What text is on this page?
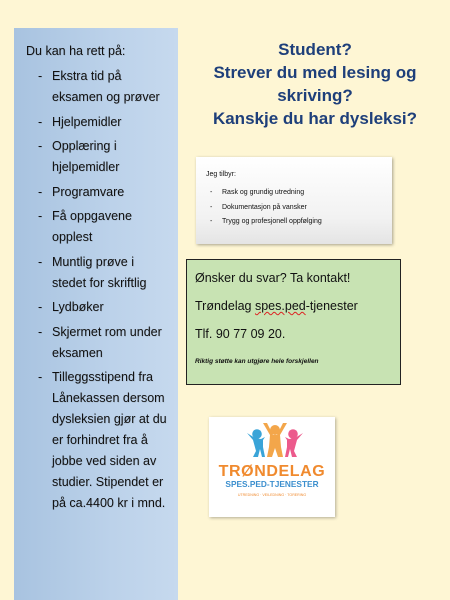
Du kan ha rett på:
- Ekstra tid på eksamen og prøver
- Hjelpemidler
- Opplæring i hjelpemidler
- Programvare
- Få oppgavene opplest
- Muntlig prøve i stedet for skriftlig
- Lydbøker
- Skjermet rom under eksamen
- Tilleggsstipend fra Lånekassen dersom dysleksien gjør at du er forhindret fra å jobbe ved siden av studier. Stipendet er på ca.4400 kr i mnd.
Student?
Strever du med lesing og
skriving?
Kanskje du har dysleksi?
Jeg tilbyr:
- Rask og grundig utredning
- Dokumentasjon på vansker
- Trygg og profesjonell oppfølging
Ønsker du svar? Ta kontakt!
Trøndelag spes.ped-tjenester
Tlf. 90 77 09 20.
Riktig støtte kan utgjøre hele forskjellen
TRØNDELAG
SPES.PED-TJENESTER
UTREDNING · VEILEDNING · TORERING
